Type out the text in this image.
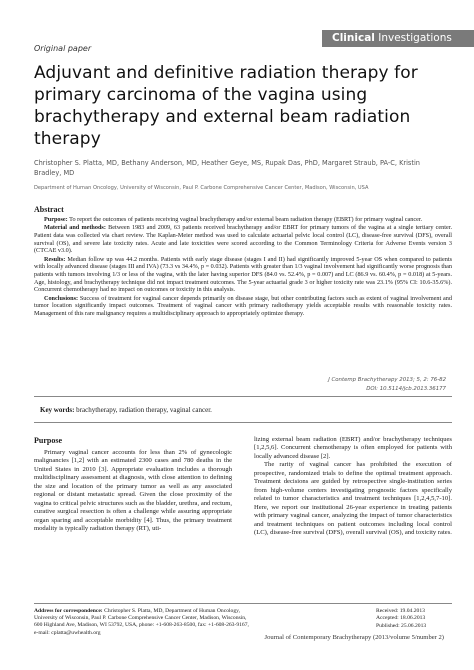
Original paper
Clinical Investigations
Adjuvant and definitive radiation therapy for primary carcinoma of the vagina using brachytherapy and external beam radiation therapy
Christopher S. Platta, MD, Bethany Anderson, MD, Heather Geye, MS, Rupak Das, PhD, Margaret Straub, PA-C, Kristin Bradley, MD
Department of Human Oncology, University of Wisconsin, Paul P. Carbone Comprehensive Cancer Center, Madison, Wisconsin, USA
Abstract

Purpose: To report the outcomes of patients receiving vaginal brachytherapy and/or external beam radiation therapy (EBRT) for primary vaginal cancer.

Material and methods: Between 1983 and 2009, 63 patients received brachytherapy and/or EBRT for primary tumors of the vagina at a single tertiary center. Patient data was collected via chart review. The Kaplan-Meier method was used to calculate actuarial pelvic local control (LC), disease-free survival (DFS), overall survival (OS), and severe late toxicity rates. Acute and late toxicities were scored according to the Common Terminology Criteria for Adverse Events version 3 (CTCAE v3.0).

Results: Median follow up was 44.2 months. Patients with early stage disease (stages I and II) had significantly improved 5-year OS when compared to patients with locally advanced disease (stages III and IVA) (73.3 vs 34.4%, p = 0.032). Patients with greater than 1/3 vaginal involvement had significantly worse prognosis than patients with tumors involving 1/3 or less of the vagina, with the later having superior DFS (84.0 vs. 52.4%, p = 0.007) and LC (86.9 vs. 60.4%, p = 0.018) at 5-years. Age, histology, and brachytherapy technique did not impact treatment outcomes. The 5-year actuarial grade 3 or higher toxicity rate was 23.1% (95% CI: 10.6-35.6%). Concurrent chemotherapy had no impact on outcomes or toxicity in this analysis.

Conclusions: Success of treatment for vaginal cancer depends primarily on disease stage, but other contributing factors such as extent of vaginal involvement and tumor location significantly impact outcomes. Treatment of vaginal cancer with primary radiotherapy yields acceptable results with reasonable toxicity rates. Management of this rare malignancy requires a multidisciplinary approach to appropriately optimize therapy.

J Contemp Brachytherapy 2013; 5, 2: 76-82
DOI: 10.5114/jcb.2013.36177
Key words: brachytherapy, radiation therapy, vaginal cancer.
Purpose

Primary vaginal cancer accounts for less than 2% of gynecologic malignancies [1,2] with an estimated 2300 cases and 780 deaths in the United States in 2010 [3]. Appropriate evaluation includes a thorough multidisciplinary assessment at diagnosis, with close attention to defining the size and location of the primary tumor as well as any associated regional or distant metastatic spread. Given the close proximity of the vagina to critical pelvic structures such as the bladder, urethra, and rectum, curative surgical resection is often a challenge while assuring appropriate organ sparing and acceptable morbidity [4]. Thus, the primary treatment modality is typically radiation therapy (RT), uti-

lizing external beam radiation (EBRT) and/or brachytherapy techniques [1,2,5,6]. Concurrent chemotherapy is often employed for patients with locally advanced disease [2].

The rarity of vaginal cancer has prohibited the execution of prospective, randomized trials to define the optimal treatment approach. Treatment decisions are guided by retrospective single-institution series from high-volume centers investigating prognostic factors specifically related to tumor characteristics and treatment techniques [1,2,4,5,7-10]. Here, we report our institutional 26-year experience in treating patients with primary vaginal cancer, analyzing the impact of tumor characteristics and treatment techniques on patient outcomes including local control (LC), disease-free survival (DFS), overall survival (OS), and toxicity rates.

Address for correspondence: Christopher S. Platta, MD, Department of Human Oncology,
University of Wisconsin, Paul P. Carbone Comprehensive Cancer Center, Madison, Wisconsin,
600 Highland Ave, Madison, WI 53792, USA, phone: +1-608-263-8500, fax: +1-608-263-9167,
e-mail: cplatta@uwhealth.org
Received: 19.04.2013
Accepted: 18.06.2013
Published: 25.06.2013
Journal of Contemporary Brachytherapy (2013/volume 5/number 2)
